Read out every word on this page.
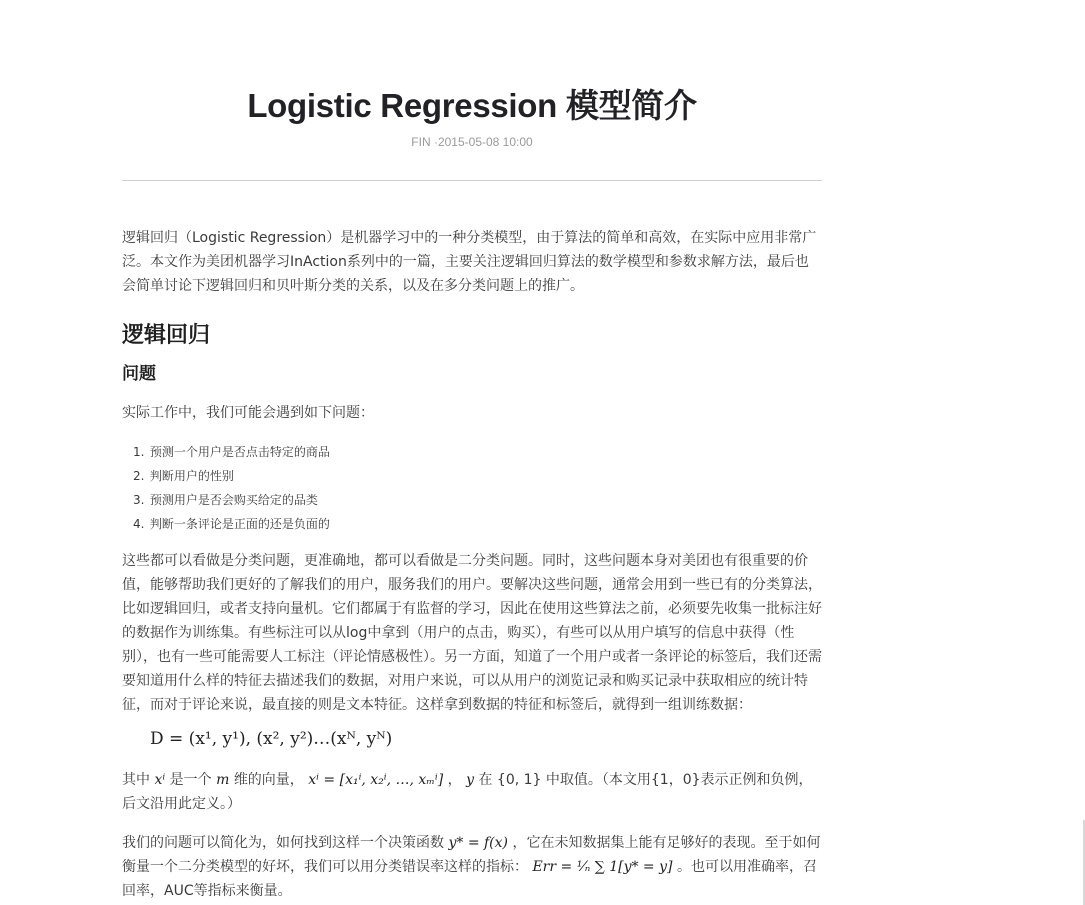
Logistic Regression 模型简介
FIN ·2015-05-08 10:00

逻辑回归（Logistic Regression）是机器学习中的一种分类模型，由于算法的简单和高效，在实际中应用非常广泛。本文作为美团机器学习InAction系列中的一篇，主要关注逻辑回归算法的数学模型和参数求解方法，最后也会简单讨论下逻辑回归和贝叶斯分类的关系，以及在多分类问题上的推广。

逻辑回归
问题

实际工作中，我们可能会遇到如下问题：

1. 预测一个用户是否点击特定的商品
2. 判断用户的性别
3. 预测用户是否会购买给定的品类
4. 判断一条评论是正面的还是负面的

这些都可以看做是分类问题，更准确地，都可以看做是二分类问题。同时，这些问题本身对美团也有很重要的价值，能够帮助我们更好的了解我们的用户，服务我们的用户。要解决这些问题，通常会用到一些已有的分类算法，比如逻辑回归，或者支持向量机。它们都属于有监督的学习，因此在使用这些算法之前，必须要先收集一批标注好的数据作为训练集。有些标注可以从log中拿到（用户的点击，购买），有些可以从用户填写的信息中获得（性别），也有一些可能需要人工标注（评论情感极性）。另一方面，知道了一个用户或者一条评论的标签后，我们还需要知道用什么样的特征去描述我们的数据，对用户来说，可以从用户的浏览记录和购买记录中获取相应的统计特征，而对于评论来说，最直接的则是文本特征。这样拿到数据的特征和标签后，就得到一组训练数据：

D = (x¹, y¹), (x², y²)…(xᴺ, yᴺ)

其中 xⁱ 是一个 m 维的向量， xⁱ = [x₁ⁱ, x₂ⁱ, …, xₘⁱ] ， y 在 {0, 1} 中取值。（本文用{1，0}表示正例和负例，后文沿用此定义。）

我们的问题可以简化为，如何找到这样一个决策函数 y* = f(x) ，它在未知数据集上能有足够好的表现。至于如何衡量一个二分类模型的好坏，我们可以用分类错误率这样的指标： Err = ¹⁄ₙ ∑ 1[y* = y] 。也可以用准确率，召回率，AUC等指标来衡量。
